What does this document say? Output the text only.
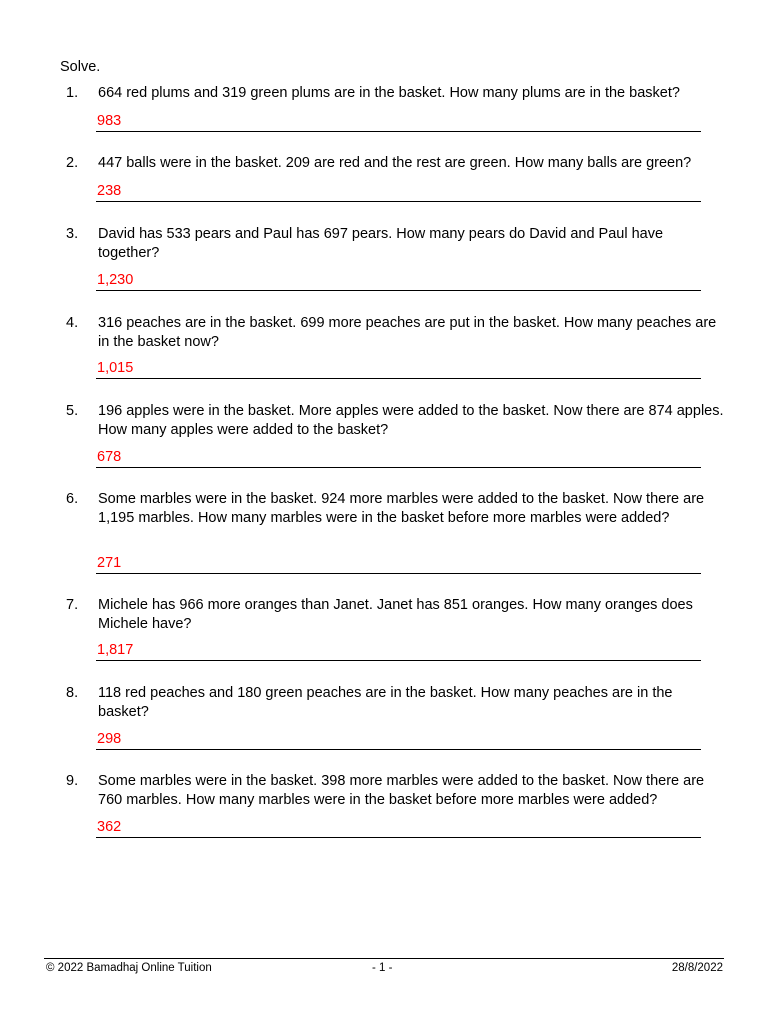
Solve.
1. 664 red plums and 319 green plums are in the basket. How many plums are in the basket?
983
2. 447 balls were in the basket. 209 are red and the rest are green. How many balls are green?
238
3. David has 533 pears and Paul has 697 pears. How many pears do David and Paul have together?
1,230
4. 316 peaches are in the basket. 699 more peaches are put in the basket. How many peaches are in the basket now?
1,015
5. 196 apples were in the basket. More apples were added to the basket. Now there are 874 apples. How many apples were added to the basket?
678
6. Some marbles were in the basket. 924 more marbles were added to the basket. Now there are 1,195 marbles. How many marbles were in the basket before more marbles were added?
271
7. Michele has 966 more oranges than Janet. Janet has 851 oranges. How many oranges does Michele have?
1,817
8. 118 red peaches and 180 green peaches are in the basket. How many peaches are in the basket?
298
9. Some marbles were in the basket. 398 more marbles were added to the basket. Now there are 760 marbles. How many marbles were in the basket before more marbles were added?
362
© 2022 Bamadhaj Online Tuition	- 1 -	28/8/2022
